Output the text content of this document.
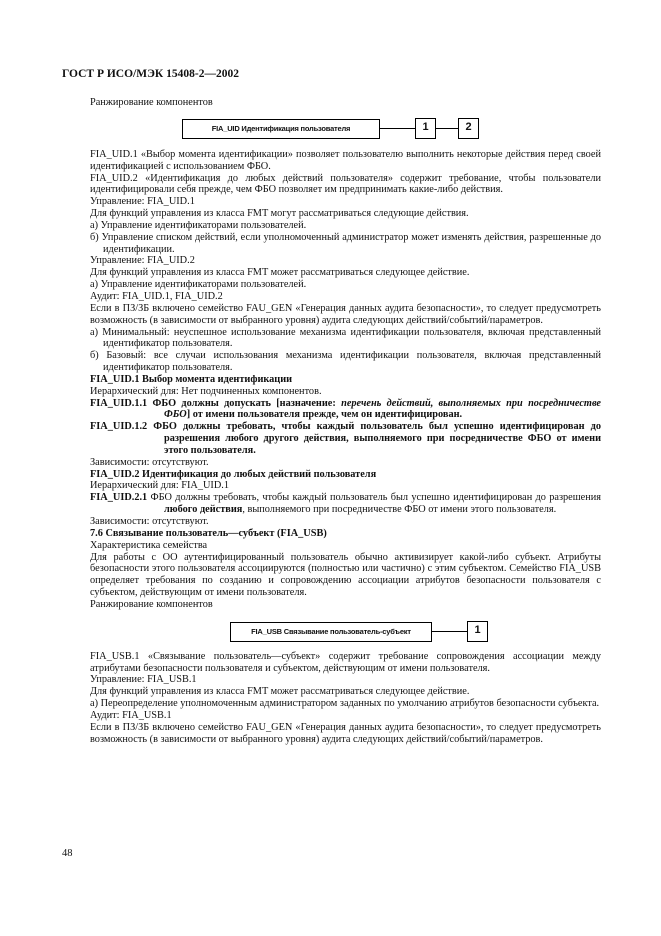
ГОСТ Р ИСО/МЭК 15408-2—2002

Ранжирование компонентов

FIA_UID Идентификация пользователя	1	2

FIA_UID.1 «Выбор момента идентификации» позволяет пользователю выполнить некоторые действия перед своей идентификацией с использованием ФБО.

FIA_UID.2 «Идентификация до любых действий пользователя» содержит требование, чтобы пользователи идентифицировали себя прежде, чем ФБО позволяет им предпринимать какие-либо действия.

Управление: FIA_UID.1

Для функций управления из класса FMT могут рассматриваться следующие действия.

а) Управление идентификаторами пользователей.

б) Управление списком действий, если уполномоченный администратор может изменять действия, разрешенные до идентификации.

Управление: FIA_UID.2

Для функций управления из класса FMT может рассматриваться следующее действие.

а) Управление идентификаторами пользователей.

Аудит: FIA_UID.1, FIA_UID.2

Если в ПЗ/ЗБ включено семейство FAU_GEN «Генерация данных аудита безопасности», то следует предусмотреть возможность (в зависимости от выбранного уровня) аудита следующих действий/событий/параметров.

а) Минимальный: неуспешное использование механизма идентификации пользователя, включая представленный идентификатор пользователя.

б) Базовый: все случаи использования механизма идентификации пользователя, включая представленный идентификатор пользователя.

FIA_UID.1 Выбор момента идентификации

Иерархический для: Нет подчиненных компонентов.

FIA_UID.1.1 ФБО должны допускать [назначение: перечень действий, выполняемых при посредничестве ФБО] от имени пользователя прежде, чем он идентифицирован.

FIA_UID.1.2 ФБО должны требовать, чтобы каждый пользователь был успешно идентифицирован до разрешения любого другого действия, выполняемого при посредничестве ФБО от имени этого пользователя.

Зависимости: отсутствуют.

FIA_UID.2 Идентификация до любых действий пользователя

Иерархический для: FIA_UID.1

FIA_UID.2.1 ФБО должны требовать, чтобы каждый пользователь был успешно идентифицирован до разрешения любого действия, выполняемого при посредничестве ФБО от имени этого пользователя.

Зависимости: отсутствуют.

7.6 Связывание пользователь—субъект (FIA_USB)

Характеристика семейства

Для работы с ОО аутентифицированный пользователь обычно активизирует какой-либо субъект. Атрибуты безопасности этого пользователя ассоциируются (полностью или частично) с этим субъектом. Семейство FIA_USB определяет требования по созданию и сопровождению ассоциации атрибутов безопасности пользователя с субъектом, действующим от имени пользователя.

Ранжирование компонентов

FIA_USB Связывание пользователь-субъект	1

FIA_USB.1 «Связывание пользователь—субъект» содержит требование сопровождения ассоциации между атрибутами безопасности пользователя и субъектом, действующим от имени пользователя.

Управление: FIA_USB.1

Для функций управления из класса FMT может рассматриваться следующее действие.

а) Переопределение уполномоченным администратором заданных по умолчанию атрибутов безопасности субъекта.

Аудит: FIA_USB.1

Если в ПЗ/ЗБ включено семейство FAU_GEN «Генерация данных аудита безопасности», то следует предусмотреть возможность (в зависимости от выбранного уровня) аудита следующих действий/событий/параметров.

48
